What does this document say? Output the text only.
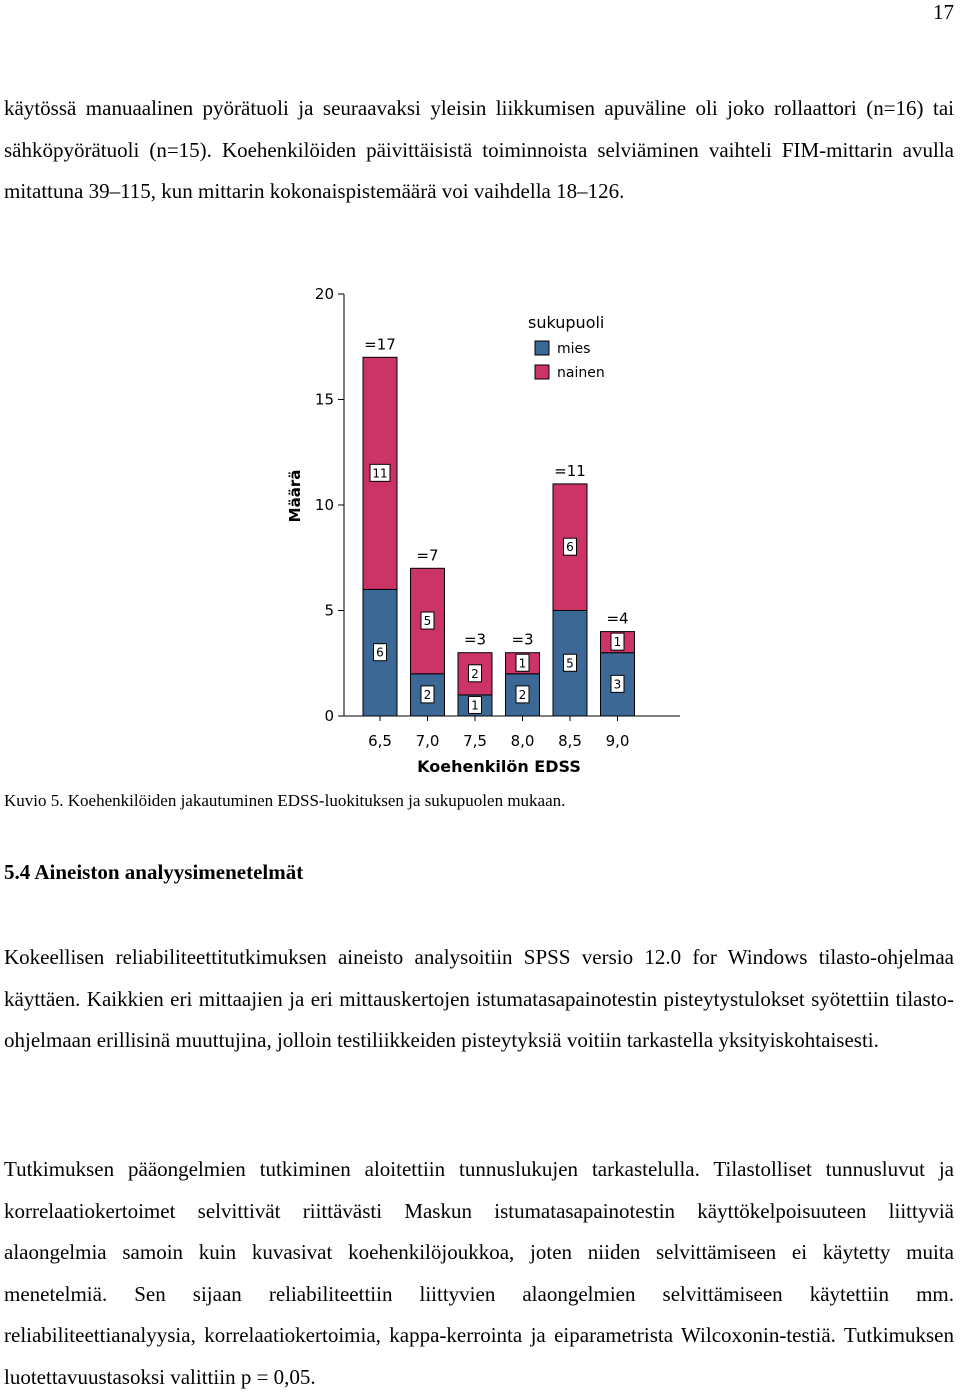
17

käytössä manuaalinen pyörätuoli ja seuraavaksi yleisin liikkumisen apuväline oli joko rollaattori (n=16) tai sähköpyörätuoli (n=15). Koehenkilöiden päivittäisistä toiminnoista selviäminen vaihteli FIM-mittarin avulla mitattuna 39–115, kun mittarin kokonaispistemäärä voi vaihdella 18–126.

0
5
10
15
20
6
11
=17
6,5
2
5
=7
7,0
1
2
=3
7,5
2
1
=3
8,0
5
6
=11
8,5
3
1
=4
9,0
Määrä
Koehenkilön EDSS
sukupuoli
mies
nainen
Kuvio 5. Koehenkilöiden jakautuminen EDSS-luokituksen ja sukupuolen mukaan.
5.4 Aineiston analyysimenetelmät

Kokeellisen reliabiliteettitutkimuksen aineisto analysoitiin SPSS versio 12.0 for Windows tilasto-ohjelmaa käyttäen. Kaikkien eri mittaajien ja eri mittauskertojen istumatasapainotestin pisteytystulokset syötettiin tilasto-ohjelmaan erillisinä muuttujina, jolloin testiliikkeiden pisteytyksiä voitiin tarkastella yksityiskohtaisesti.

Tutkimuksen pääongelmien tutkiminen aloitettiin tunnuslukujen tarkastelulla. Tilastolliset tunnusluvut ja korrelaatiokertoimet selvittivät riittävästi Maskun istumatasapainotestin käyttökelpoisuuteen liittyviä alaongelmia samoin kuin kuvasivat koehenkilöjoukkoa, joten niiden selvittämiseen ei käytetty muita menetelmiä. Sen sijaan reliabiliteettiin liittyvien alaongelmien selvittämiseen käytettiin mm. reliabiliteettianalyysia, korrelaatiokertoimia, kappa-kerrointa ja eiparametrista Wilcoxonin-testiä. Tutkimuksen luotettavuustasoksi valittiin p = 0,05.
